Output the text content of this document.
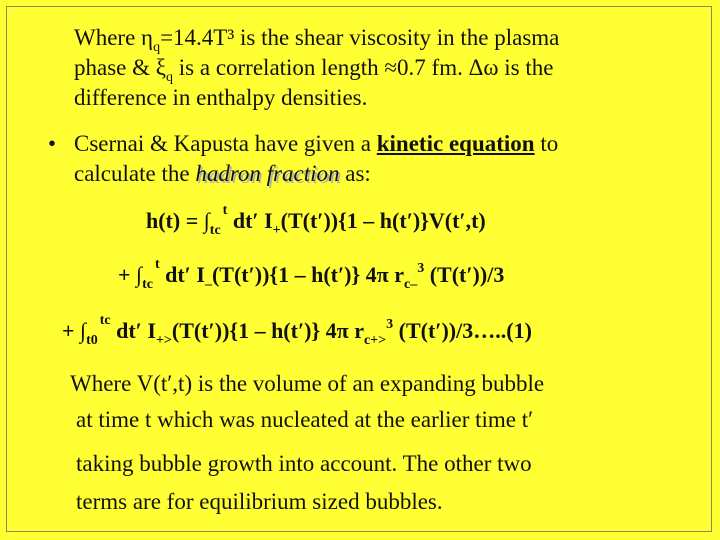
Where $\eta_q=14.4T^3$ is the shear viscosity in the plasma
phase & $\xi_q$ is a correlation length ≈0.7 fm. Δω is the
difference in enthalpy densities.
• Csernai & Kapusta have given a kinetic equation to
calculate the hadron fraction as:
$h(t) = \int_{tc}^t$ dt′ $I_+(T(t'))\{1 - h(t')\}V(t',t)$
+ $\int_{tc}^t$ dt′ $I_-(T(t'))\{1 - h(t')\}$ 4π $r_{c-}^3$ (T(t′))/3
+ $\int_{t0}^{tc}$ dt′ $I_{+>}(T(t'))\{1 - h(t')\}$ 4π $r_{c+>}^3$ (T(t′))/3…..(1)
Where V(t′,t) is the volume of an expanding bubble
at time t which was nucleated at the earlier time t′
taking bubble growth into account. The other two
terms are for equilibrium sized bubbles.
